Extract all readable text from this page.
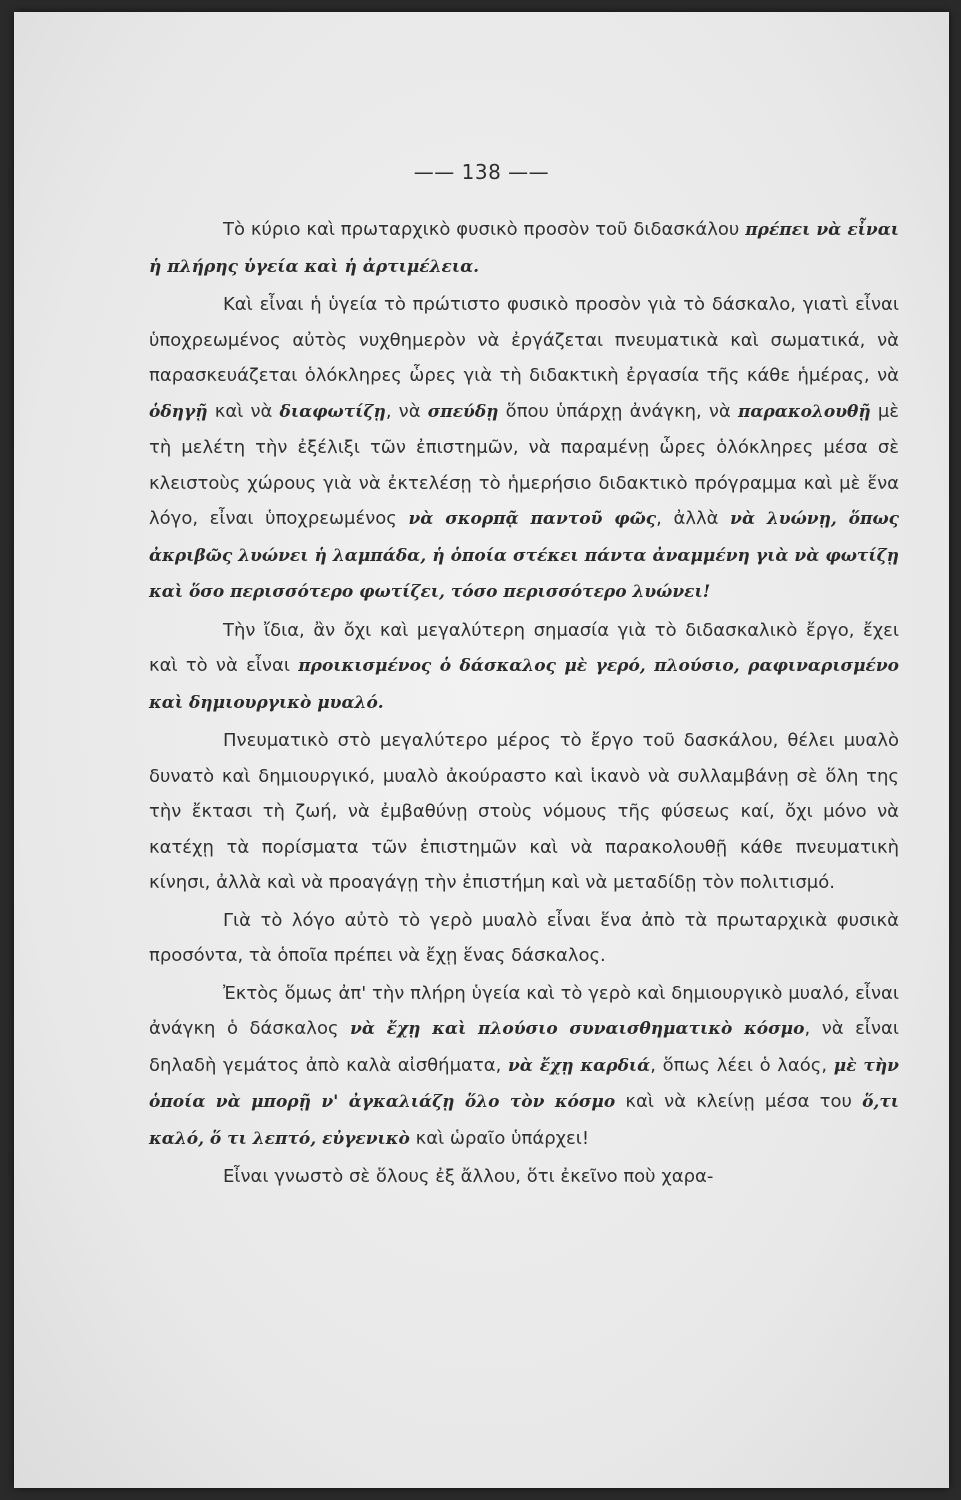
—— 138 ——

Τὸ κύριο καὶ πρωταρχικὸ φυσικὸ προσὸν τοῦ διδασκάλου πρέπει νὰ εἶναι ἡ πλήρης ὑγεία καὶ ἡ ἀρτιμέλεια.

Καὶ εἶναι ἡ ὑγεία τὸ πρώτιστο φυσικὸ προσὸν γιὰ τὸ δάσκαλο, γιατὶ εἶναι ὑποχρεωμένος αὐτὸς νυχθημερὸν νὰ ἐργάζεται πνευματικὰ καὶ σωματικά, νὰ παρασκευάζεται ὁλόκληρες ὧρες γιὰ τὴ διδακτικὴ ἐργασία τῆς κάθε ἡμέρας, νὰ ὁδηγῇ καὶ νὰ διαφωτίζῃ, νὰ σπεύδῃ ὅπου ὑπάρχῃ ἀνάγκη, νὰ παρακολουθῇ μὲ τὴ μελέτη τὴν ἐξέλιξι τῶν ἐπιστημῶν, νὰ παραμένῃ ὧρες ὁλόκληρες μέσα σὲ κλειστοὺς χώρους γιὰ νὰ ἐκτελέσῃ τὸ ἡμερήσιο διδακτικὸ πρόγραμμα καὶ μὲ ἕνα λόγο, εἶναι ὑποχρεωμένος νὰ σκορπᾷ παντοῦ φῶς, ἀλλὰ νὰ λυώνῃ, ὅπως ἀκριβῶς λυώνει ἡ λαμπάδα, ἡ ὁποία στέκει πάντα ἀναμμένη γιὰ νὰ φωτίζῃ καὶ ὅσο περισσότερο φωτίζει, τόσο περισσότερο λυώνει!

Τὴν ἴδια, ἂν ὄχι καὶ μεγαλύτερη σημασία γιὰ τὸ διδασκαλικὸ ἔργο, ἔχει καὶ τὸ νὰ εἶναι προικισμένος ὁ δάσκαλος μὲ γερό, πλούσιο, ραφιναρισμένο καὶ δημιουργικὸ μυαλό.

Πνευματικὸ στὸ μεγαλύτερο μέρος τὸ ἔργο τοῦ δασκάλου, θέλει μυαλὸ δυνατὸ καὶ δημιουργικό, μυαλὸ ἀκούραστο καὶ ἱκανὸ νὰ συλλαμβάνῃ σὲ ὅλη της τὴν ἔκτασι τὴ ζωή, νὰ ἐμβαθύνῃ στοὺς νόμους τῆς φύσεως καί, ὄχι μόνο νὰ κατέχῃ τὰ πορίσματα τῶν ἐπιστημῶν καὶ νὰ παρακολουθῇ κάθε πνευματικὴ κίνησι, ἀλλὰ καὶ νὰ προαγάγῃ τὴν ἐπιστήμη καὶ νὰ μεταδίδῃ τὸν πολιτισμό.

Γιὰ τὸ λόγο αὐτὸ τὸ γερὸ μυαλὸ εἶναι ἕνα ἀπὸ τὰ πρωταρχικὰ φυσικὰ προσόντα, τὰ ὁποῖα πρέπει νὰ ἔχῃ ἕνας δάσκαλος.

Ἐκτὸς ὅμως ἀπ' τὴν πλήρη ὑγεία καὶ τὸ γερὸ καὶ δημιουργικὸ μυαλό, εἶναι ἀνάγκη ὁ δάσκαλος νὰ ἔχῃ καὶ πλούσιο συναισθηματικὸ κόσμο, νὰ εἶναι δηλαδὴ γεμάτος ἀπὸ καλὰ αἰσθήματα, νὰ ἔχῃ καρδιά, ὅπως λέει ὁ λαός, μὲ τὴν ὁποία νὰ μπορῇ ν' ἀγκαλιάζῃ ὅλο τὸν κόσμο καὶ νὰ κλείνῃ μέσα του ὅ,τι καλό, ὅ τι λεπτό, εὐγενικὸ καὶ ὡραῖο ὑπάρχει!

Εἶναι γνωστὸ σὲ ὅλους ἐξ ἄλλου, ὅτι ἐκεῖνο ποὺ χαρα-
